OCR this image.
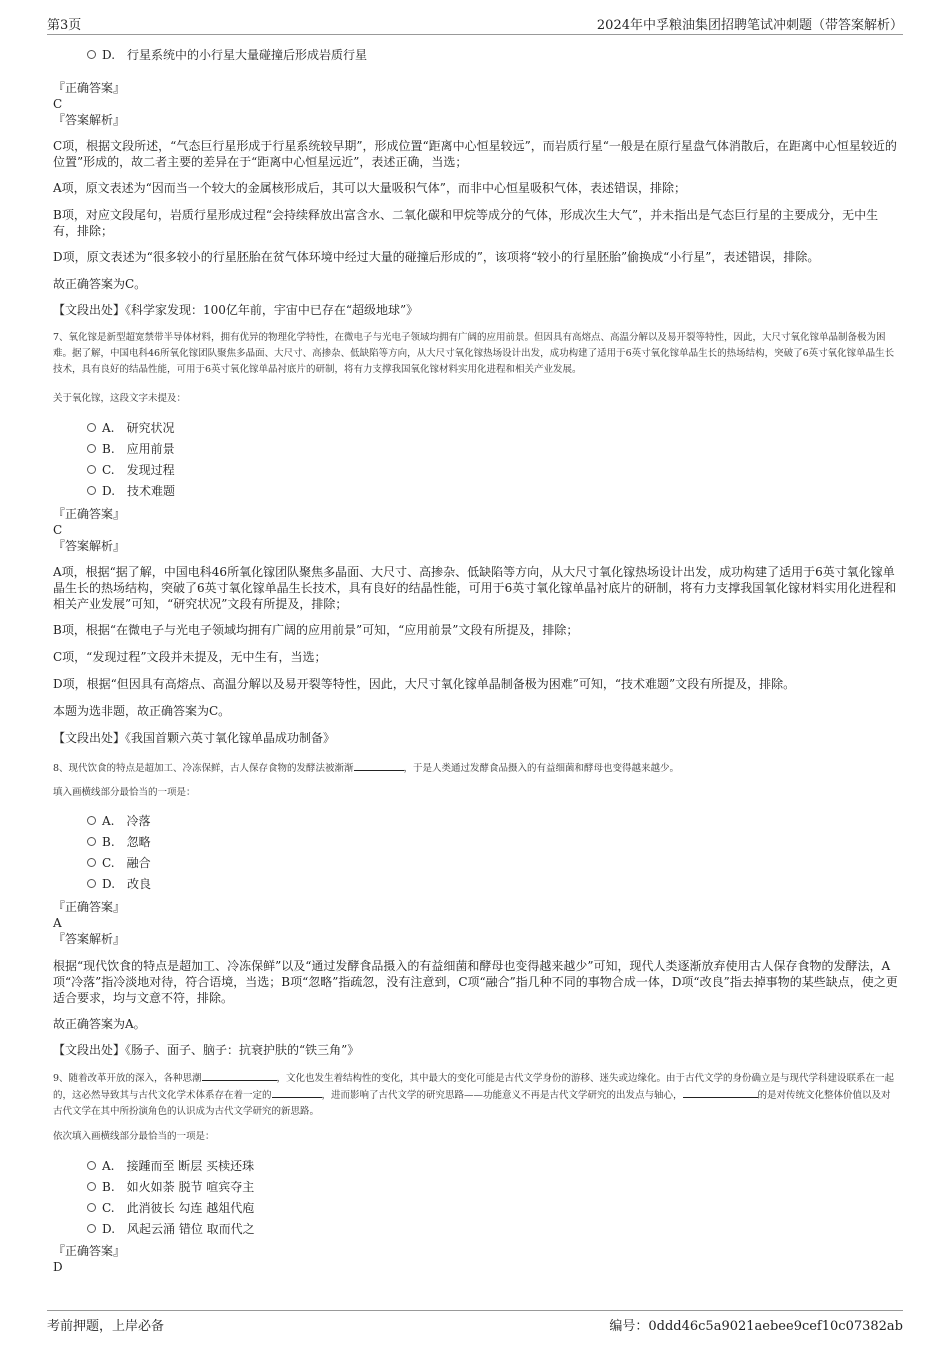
第3页	2024年中孚粮油集团招聘笔试冲刺题（带答案解析）
D.　行星系统中的小行星大量碰撞后形成岩质行星
『正确答案』
C
『答案解析』

C项，根据文段所述，“气态巨行星形成于行星系统较早期”，形成位置“距离中心恒星较远”，而岩质行星“一般是在原行星盘气体消散后，在距离中心恒星较近的位置”形成的，故二者主要的差异在于“距离中心恒星远近”，表述正确，当选；

A项，原文表述为“因而当一个较大的金属核形成后，其可以大量吸积气体”，而非中心恒星吸积气体，表述错误，排除；

B项，对应文段尾句，岩质行星形成过程“会持续释放出富含水、二氧化碳和甲烷等成分的气体，形成次生大气”，并未指出是气态巨行星的主要成分，无中生有，排除；

D项，原文表述为“很多较小的行星胚胎在贫气体环境中经过大量的碰撞后形成的”，该项将“较小的行星胚胎”偷换成“小行星”，表述错误，排除。

故正确答案为C。
【文段出处】《科学家发现：100亿年前，宇宙中已存在“超级地球”》

7、氧化镓是新型超宽禁带半导体材料，拥有优异的物理化学特性，在微电子与光电子领域均拥有广阔的应用前景。但因具有高熔点、高温分解以及易开裂等特性，因此，大尺寸氧化镓单晶制备极为困难。据了解，中国电科46所氧化镓团队聚焦多晶面、大尺寸、高掺杂、低缺陷等方向，从大尺寸氧化镓热场设计出发，成功构建了适用于6英寸氧化镓单晶生长的热场结构，突破了6英寸氧化镓单晶生长技术，具有良好的结晶性能，可用于6英寸氧化镓单晶衬底片的研制，将有力支撑我国氧化镓材料实用化进程和相关产业发展。

关于氧化镓，这段文字未提及：
A.　研究状况
B.　应用前景
C.　发现过程
D.　技术难题
『正确答案』
C
『答案解析』

A项，根据“据了解，中国电科46所氧化镓团队聚焦多晶面、大尺寸、高掺杂、低缺陷等方向，从大尺寸氧化镓热场设计出发，成功构建了适用于6英寸氧化镓单晶生长的热场结构，突破了6英寸氧化镓单晶生长技术，具有良好的结晶性能，可用于6英寸氧化镓单晶衬底片的研制，将有力支撑我国氧化镓材料实用化进程和相关产业发展”可知，“研究状况”文段有所提及，排除；

B项，根据“在微电子与光电子领域均拥有广阔的应用前景”可知，“应用前景”文段有所提及，排除；

C项，“发现过程”文段并未提及，无中生有，当选；

D项，根据“但因具有高熔点、高温分解以及易开裂等特性，因此，大尺寸氧化镓单晶制备极为困难”可知，“技术难题”文段有所提及，排除。

本题为选非题，故正确答案为C。
【文段出处】《我国首颗六英寸氧化镓单晶成功制备》
8、现代饮食的特点是超加工、冷冻保鲜，古人保存食物的发酵法被渐渐	，于是人类通过发酵食品摄入的有益细菌和酵母也变得越来越少。
填入画横线部分最恰当的一项是：
A.　冷落
B.　忽略
C.　融合
D.　改良
『正确答案』
A
『答案解析』

根据“现代饮食的特点是超加工、冷冻保鲜”以及“通过发酵食品摄入的有益细菌和酵母也变得越来越少”可知，现代人类逐渐放弃使用古人保存食物的发酵法，A项“冷落”指冷淡地对待，符合语境，当选；B项“忽略”指疏忽，没有注意到，C项“融合”指几种不同的事物合成一体，D项“改良”指去掉事物的某些缺点，使之更适合要求，均与文意不符，排除。

故正确答案为A。
【文段出处】《肠子、面子、脑子：抗衰护肤的“铁三角”》

9、随着改革开放的深入，各种思潮	，文化也发生着结构性的变化，其中最大的变化可能是古代文学身份的游移、迷失或边缘化。由于古代文学的身份确立是与现代学科建设联系在一起的，这必然导致其与古代文化学术体系存在着一定的	，进而影响了古代文学的研究思路——功能意义不再是古代文学研究的出发点与轴心，	的是对传统文化整体价值以及对古代文学在其中所扮演角色的认识成为古代文学研究的新思路。

依次填入画横线部分最恰当的一项是：
A.　接踵而至 断层 买椟还珠
B.　如火如荼 脱节 喧宾夺主
C.　此消彼长 勾连 越俎代庖
D.　风起云涌 错位 取而代之
『正确答案』
D
考前押题，上岸必备	编号：0ddd46c5a9021aebee9cef10c07382ab
